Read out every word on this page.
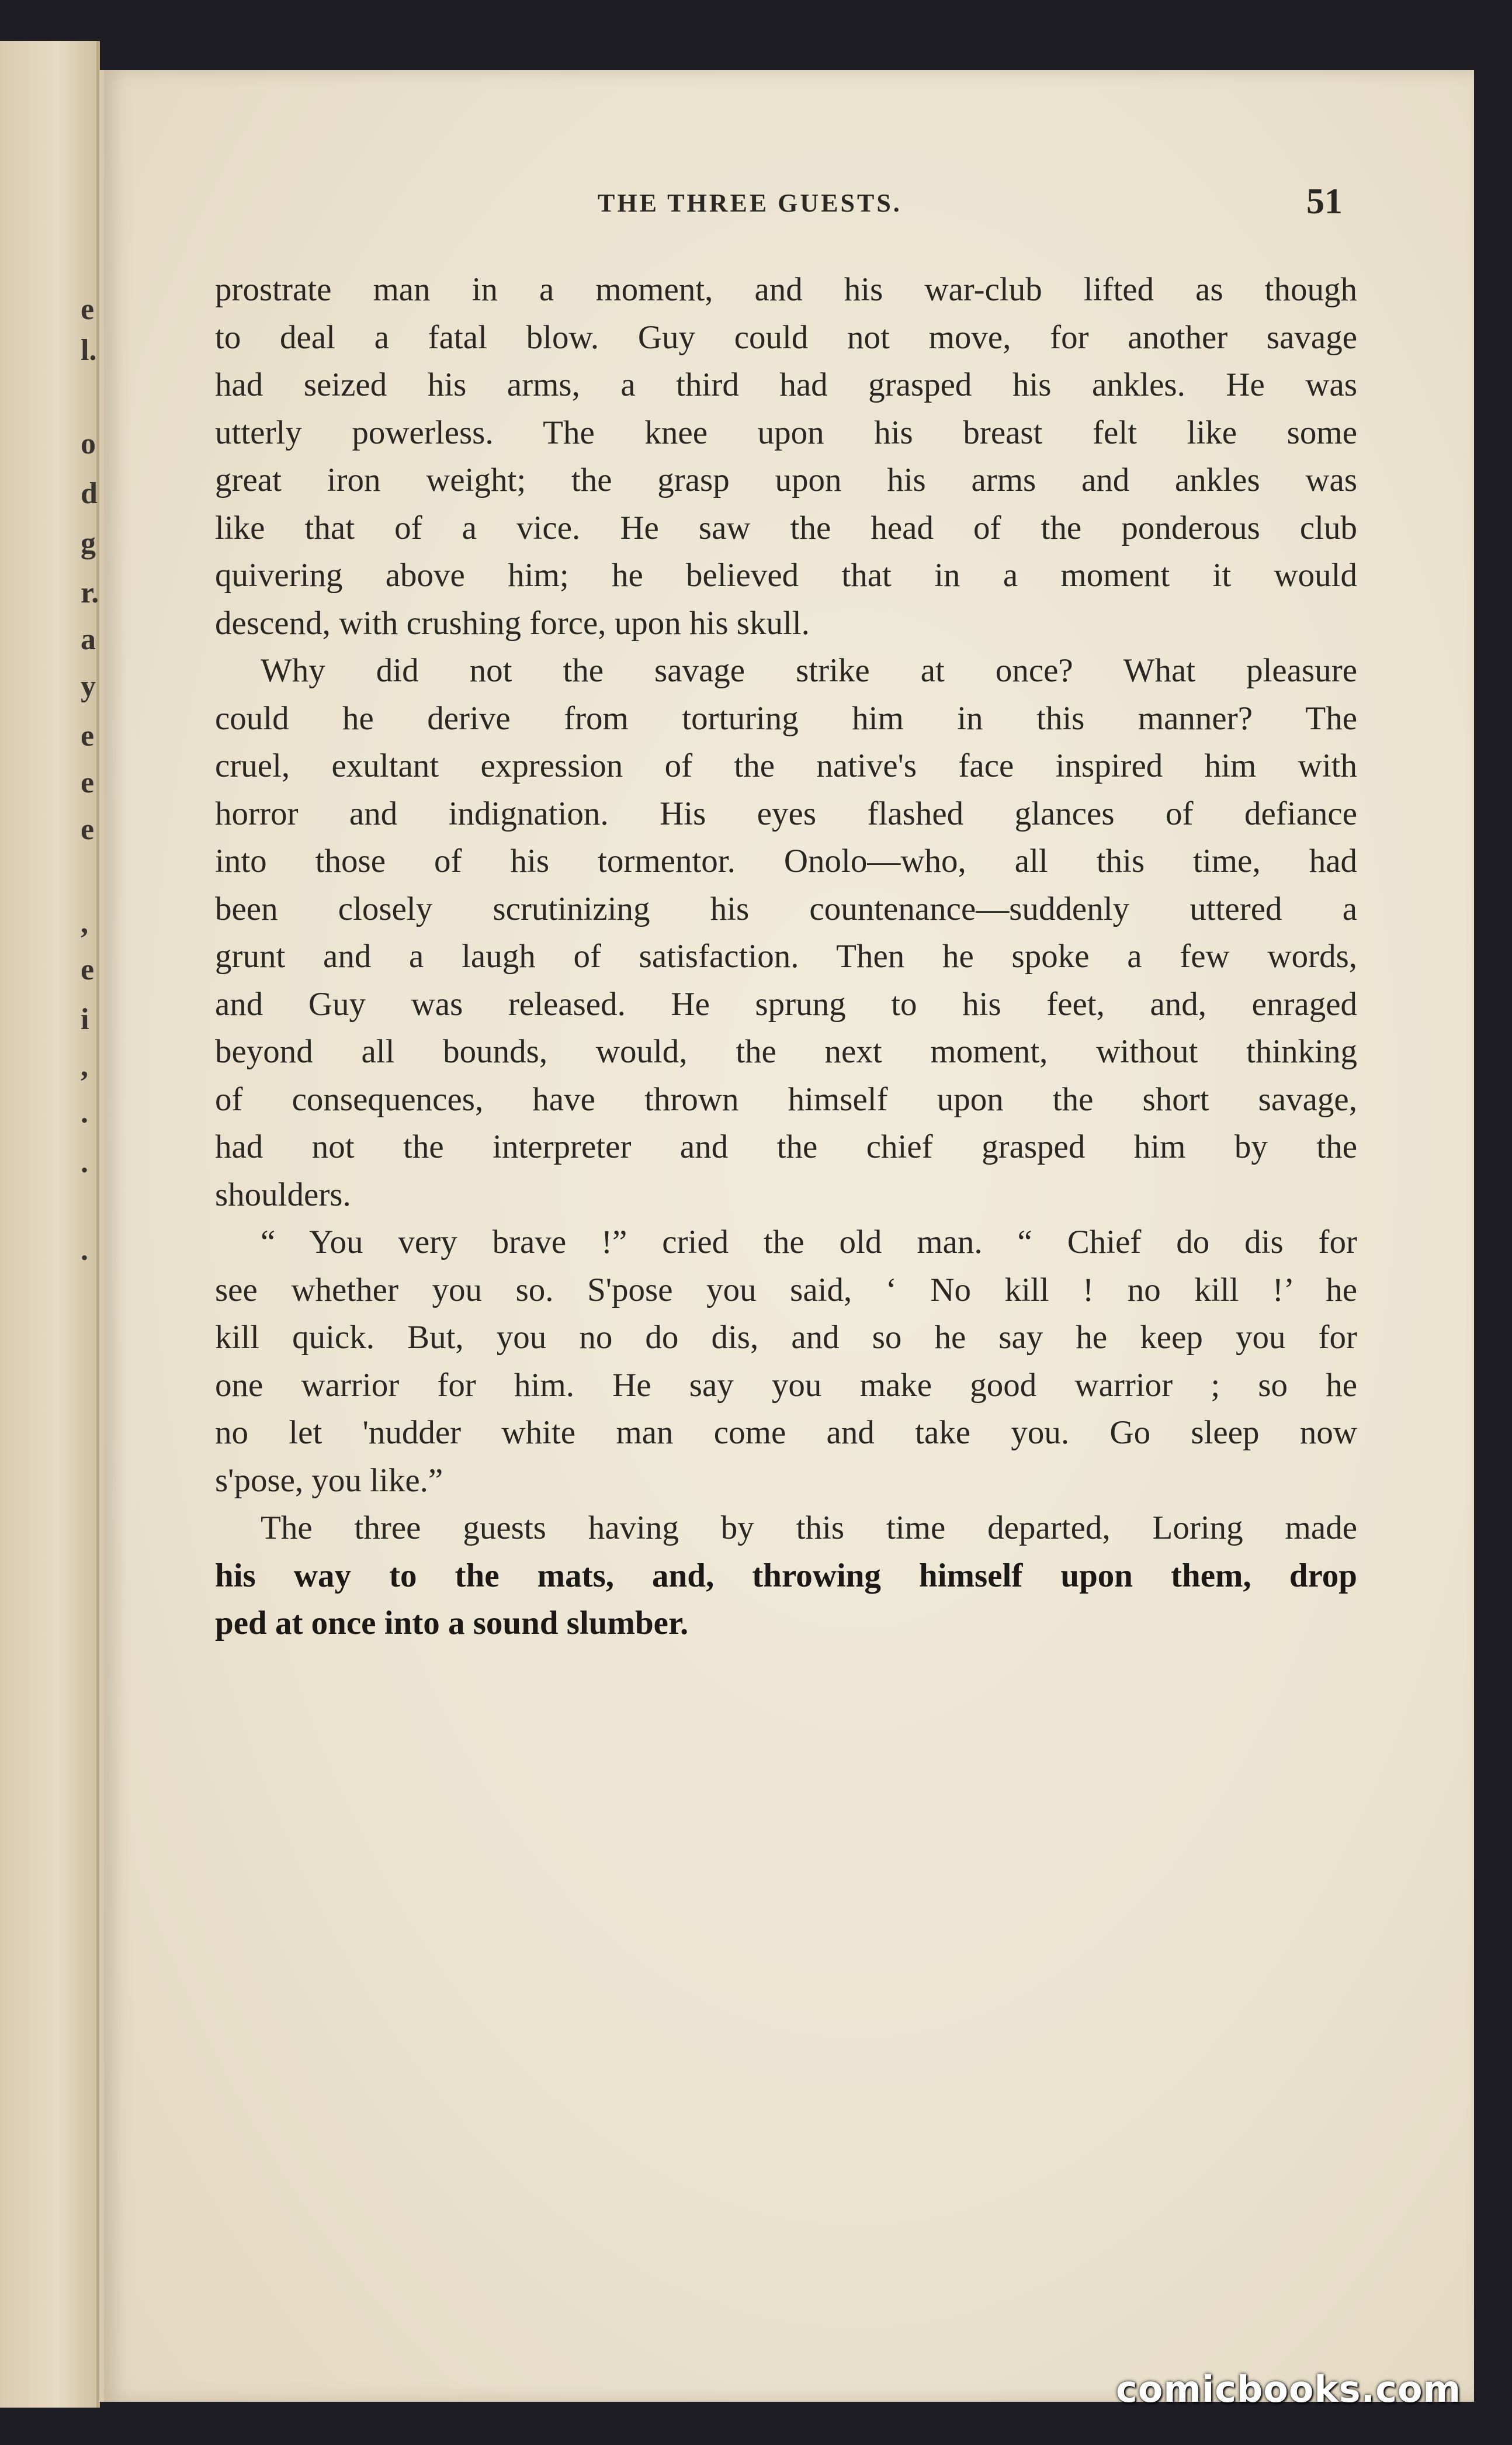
e
l.
o
d
g
r.
a
y
e
e
e
,
e
i
,
.
.
.
THE THREE GUESTS.	51
prostrate man in a moment, and his war-club lifted as though
to deal a fatal blow. Guy could not move, for another savage
had seized his arms, a third had grasped his ankles. He was
utterly powerless. The knee upon his breast felt like some
great iron weight; the grasp upon his arms and ankles was
like that of a vice. He saw the head of the ponderous club
quivering above him; he believed that in a moment it would
descend, with crushing force, upon his skull.
Why did not the savage strike at once? What pleasure
could he derive from torturing him in this manner? The
cruel, exultant expression of the native's face inspired him with
horror and indignation. His eyes flashed glances of defiance
into those of his tormentor. Onolo—who, all this time, had
been closely scrutinizing his countenance—suddenly uttered a
grunt and a laugh of satisfaction. Then he spoke a few words,
and Guy was released. He sprung to his feet, and, enraged
beyond all bounds, would, the next moment, without thinking
of consequences, have thrown himself upon the short savage,
had not the interpreter and the chief grasped him by the
shoulders.
“ You very brave !” cried the old man. “ Chief do dis for
see whether you so. S'pose you said, ‘ No kill ! no kill !’ he
kill quick. But, you no do dis, and so he say he keep you for
one warrior for him. He say you make good warrior ; so he
no let 'nudder white man come and take you. Go sleep now
s'pose, you like.”
The three guests having by this time departed, Loring made
his way to the mats, and, throwing himself upon them, drop
ped at once into a sound slumber.
comicbooks.com
